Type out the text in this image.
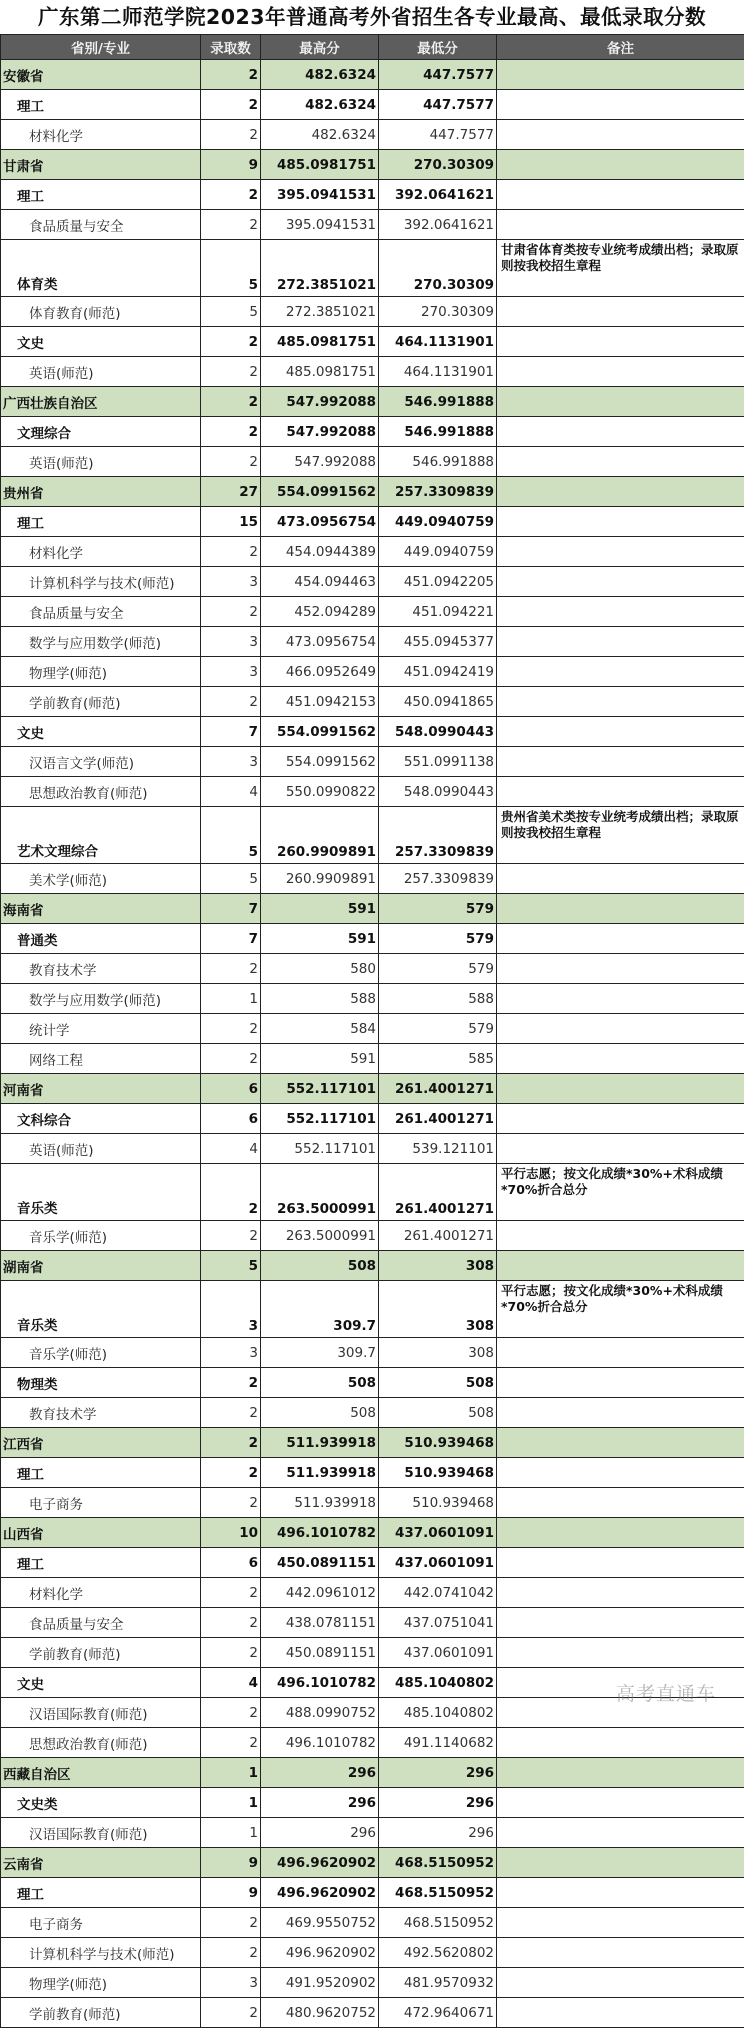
广东第二师范学院2023年普通高考外省招生各专业最高、最低录取分数
省别/专业	录取数	最高分	最低分	备注
安徽省	2	482.6324	447.7577	
理工	2	482.6324	447.7577	
材料化学	2	482.6324	447.7577	
甘肃省	9	485.0981751	270.30309	
理工	2	395.0941531	392.0641621	
食品质量与安全	2	395.0941531	392.0641621	
体育类	5	272.3851021	270.30309	甘肃省体育类按专业统考成绩出档；录取原则按我校招生章程
体育教育(师范)	5	272.3851021	270.30309	
文史	2	485.0981751	464.1131901	
英语(师范)	2	485.0981751	464.1131901	
广西壮族自治区	2	547.992088	546.991888	
文理综合	2	547.992088	546.991888	
英语(师范)	2	547.992088	546.991888	
贵州省	27	554.0991562	257.3309839	
理工	15	473.0956754	449.0940759	
材料化学	2	454.0944389	449.0940759	
计算机科学与技术(师范)	3	454.094463	451.0942205	
食品质量与安全	2	452.094289	451.094221	
数学与应用数学(师范)	3	473.0956754	455.0945377	
物理学(师范)	3	466.0952649	451.0942419	
学前教育(师范)	2	451.0942153	450.0941865	
文史	7	554.0991562	548.0990443	
汉语言文学(师范)	3	554.0991562	551.0991138	
思想政治教育(师范)	4	550.0990822	548.0990443	
艺术文理综合	5	260.9909891	257.3309839	贵州省美术类按专业统考成绩出档；录取原则按我校招生章程
美术学(师范)	5	260.9909891	257.3309839	
海南省	7	591	579	
普通类	7	591	579	
教育技术学	2	580	579	
数学与应用数学(师范)	1	588	588	
统计学	2	584	579	
网络工程	2	591	585	
河南省	6	552.117101	261.4001271	
文科综合	6	552.117101	261.4001271	
英语(师范)	4	552.117101	539.121101	
音乐类	2	263.5000991	261.4001271	平行志愿；按文化成绩*30%+术科成绩*70%折合总分
音乐学(师范)	2	263.5000991	261.4001271	
湖南省	5	508	308	
音乐类	3	309.7	308	平行志愿；按文化成绩*30%+术科成绩*70%折合总分
音乐学(师范)	3	309.7	308	
物理类	2	508	508	
教育技术学	2	508	508	
江西省	2	511.939918	510.939468	
理工	2	511.939918	510.939468	
电子商务	2	511.939918	510.939468	
山西省	10	496.1010782	437.0601091	
理工	6	450.0891151	437.0601091	
材料化学	2	442.0961012	442.0741042	
食品质量与安全	2	438.0781151	437.0751041	
学前教育(师范)	2	450.0891151	437.0601091	
文史	4	496.1010782	485.1040802	
汉语国际教育(师范)	2	488.0990752	485.1040802	
思想政治教育(师范)	2	496.1010782	491.1140682	
西藏自治区	1	296	296	
文史类	1	296	296	
汉语国际教育(师范)	1	296	296	
云南省	9	496.9620902	468.5150952	
理工	9	496.9620902	468.5150952	
电子商务	2	469.9550752	468.5150952	
计算机科学与技术(师范)	2	496.9620902	492.5620802	
物理学(师范)	3	491.9520902	481.9570932	
学前教育(师范)	2	480.9620752	472.9640671	
高考直通车
